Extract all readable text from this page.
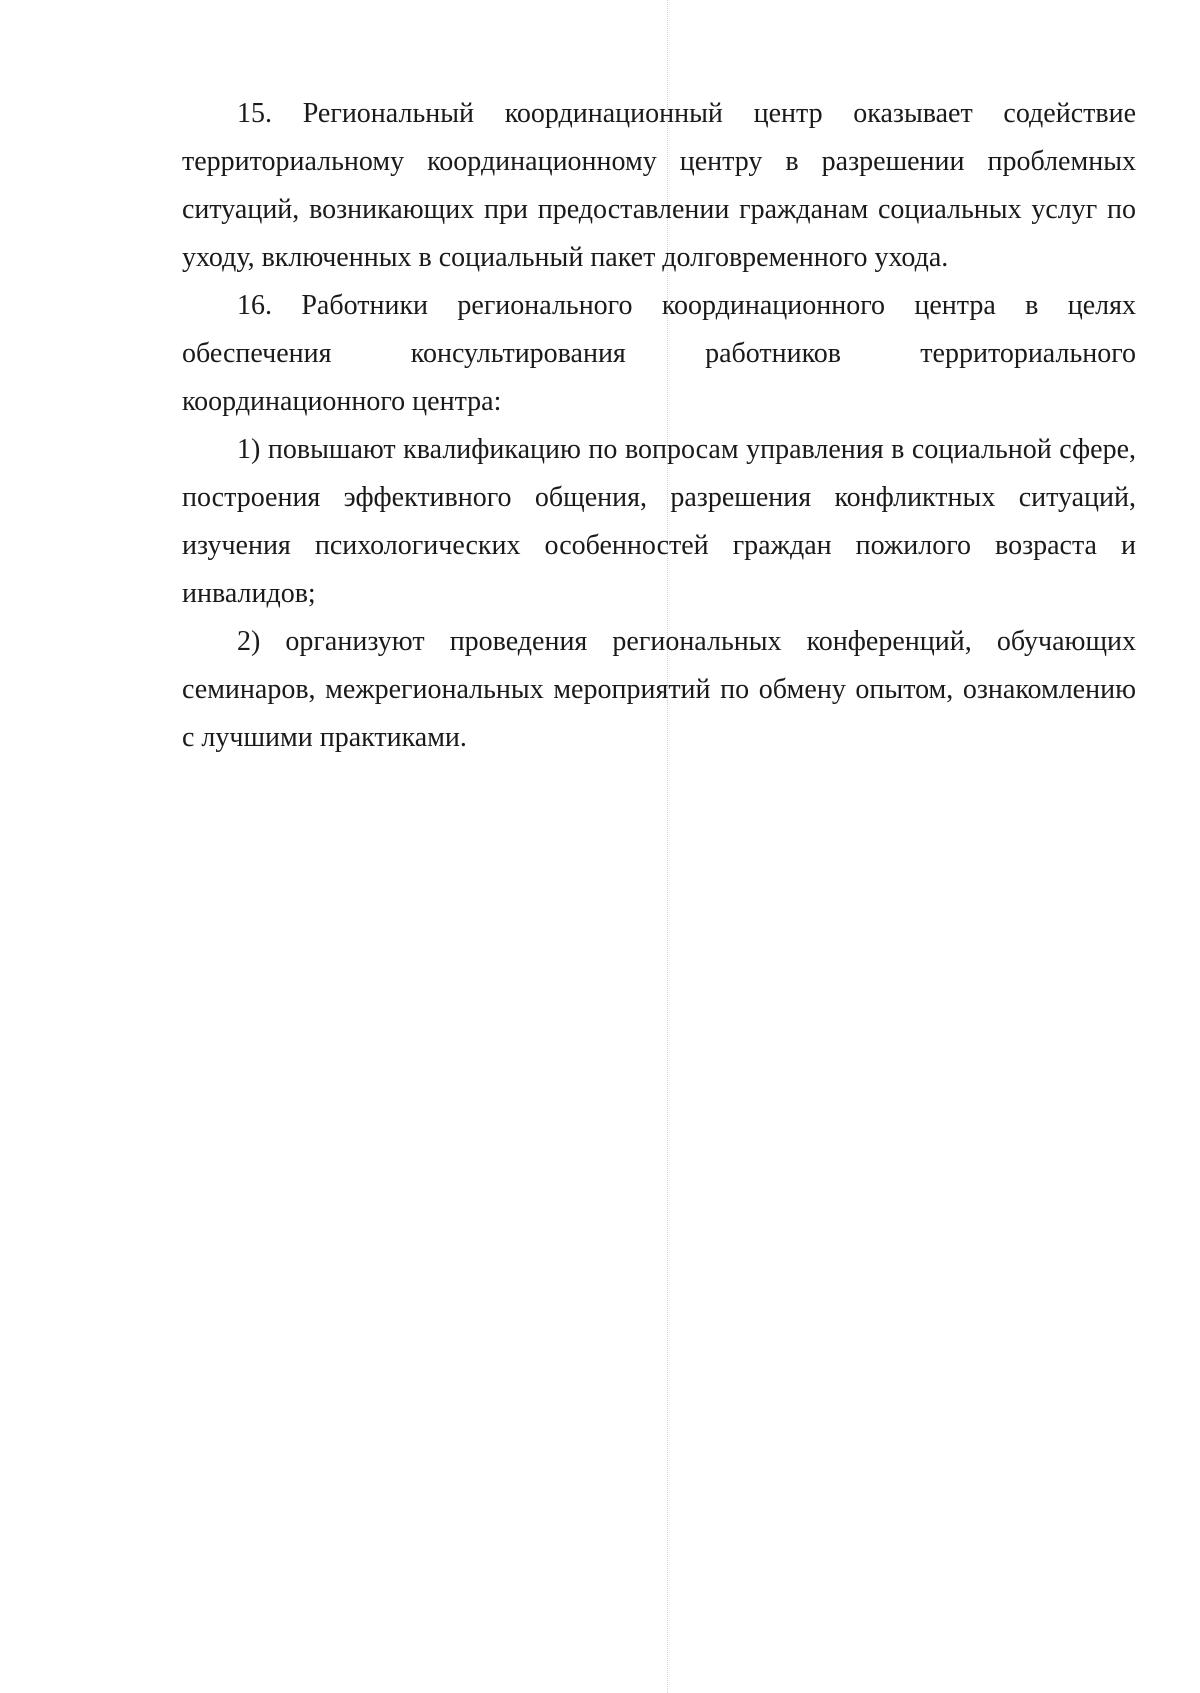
15. Региональный координационный центр оказывает содействие территориальному координационному центру в разрешении проблемных ситуаций, возникающих при предоставлении гражданам социальных услуг по уходу, включенных в социальный пакет долговременного ухода.

16. Работники регионального координационного центра в целях обеспечения консультирования работников территориального координационного центра:

1) повышают квалификацию по вопросам управления в социальной сфере, построения эффективного общения, разрешения конфликтных ситуаций, изучения психологических особенностей граждан пожилого возраста и инвалидов;

2) организуют проведения региональных конференций, обучающих семинаров, межрегиональных мероприятий по обмену опытом, ознакомлению с лучшими практиками.
